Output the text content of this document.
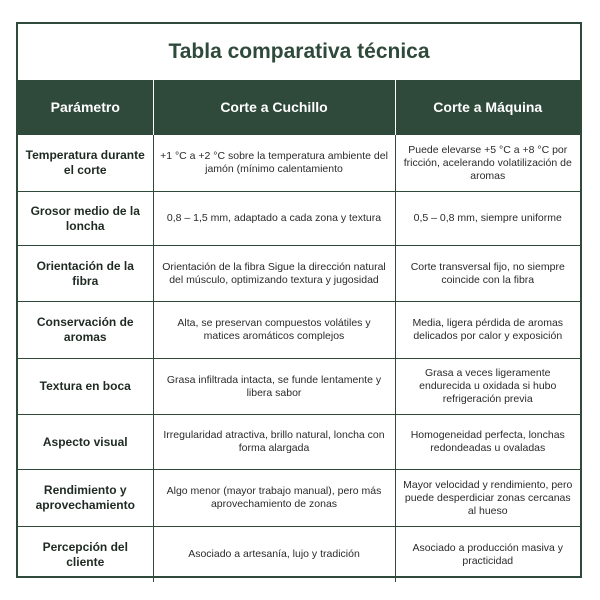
Tabla comparativa técnica
Parámetro	Corte a Cuchillo	Corte a Máquina
Temperatura durante el corte	+1 °C a +2 °C sobre la temperatura ambiente del jamón (mínimo calentamiento	Puede elevarse +5 °C a +8 °C por fricción, acelerando volatilización de aromas
Grosor medio de la loncha	0,8 – 1,5 mm, adaptado a cada zona y textura	0,5 – 0,8 mm, siempre uniforme
Orientación de la fibra	Orientación de la fibra Sigue la dirección natural del músculo, optimizando textura y jugosidad	Corte transversal fijo, no siempre coincide con la fibra
Conservación de aromas	Alta, se preservan compuestos volátiles y matices aromáticos complejos	Media, ligera pérdida de aromas delicados por calor y exposición
Textura en boca	Grasa infiltrada intacta, se funde lentamente y libera sabor	Grasa a veces ligeramente endurecida u oxidada si hubo refrigeración previa
Aspecto visual	Irregularidad atractiva, brillo natural, loncha con forma alargada	Homogeneidad perfecta, lonchas redondeadas u ovaladas
Rendimiento y aprovechamiento	Algo menor (mayor trabajo manual), pero más aprovechamiento de zonas	Mayor velocidad y rendimiento, pero puede desperdiciar zonas cercanas al hueso
Percepción del cliente	Asociado a artesanía, lujo y tradición	Asociado a producción masiva y practicidad
